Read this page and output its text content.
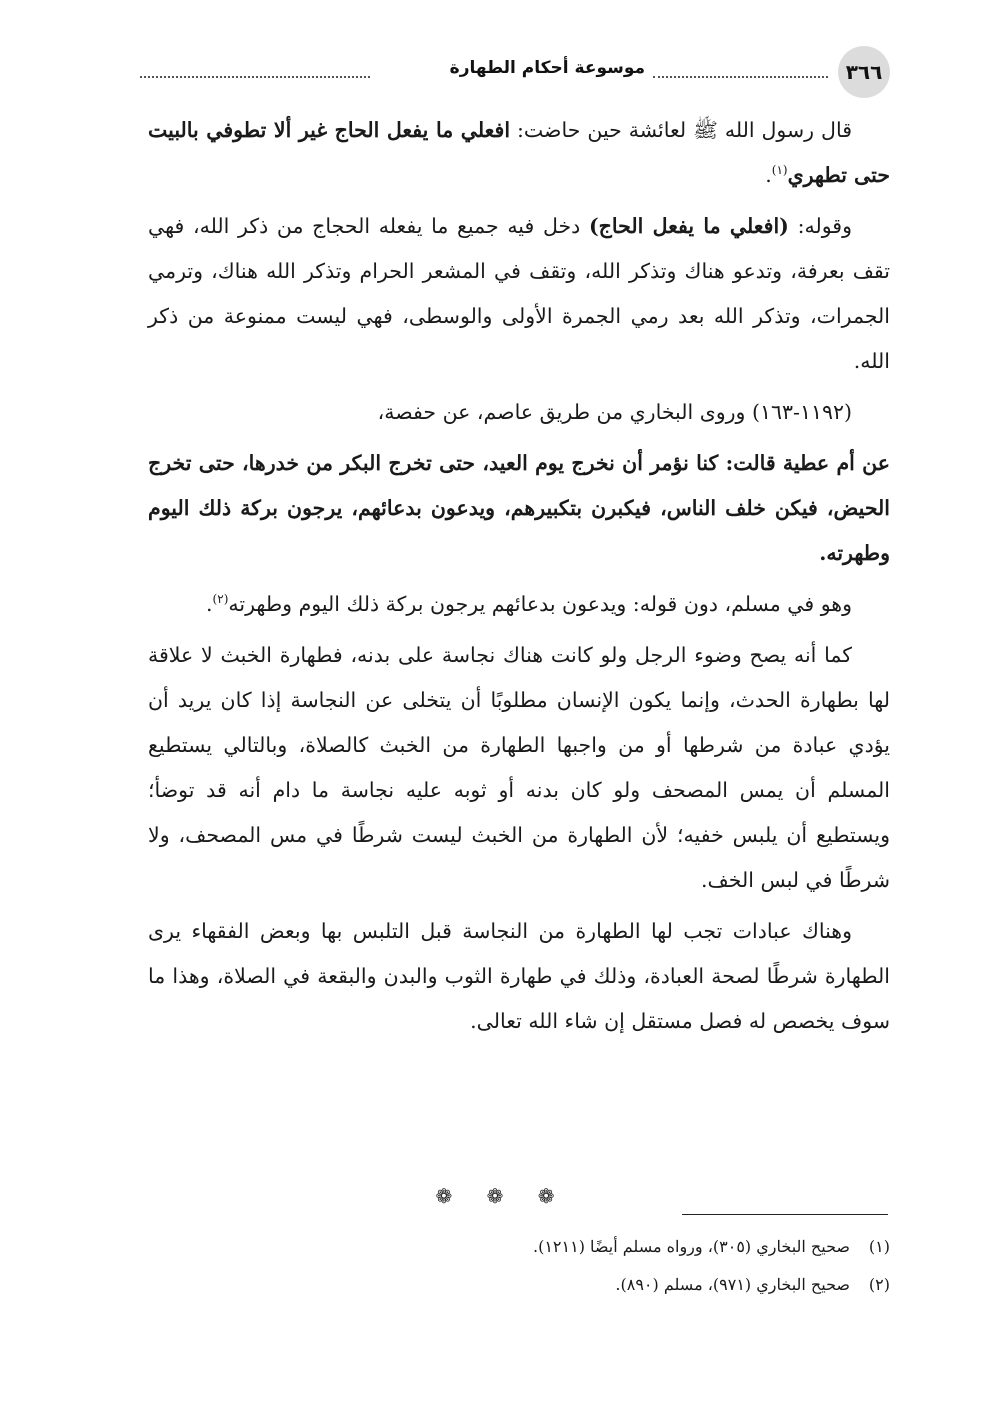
٣٦٦
موسوعة أحكام الطهارة

قال رسول الله ﷺ لعائشة حين حاضت: افعلي ما يفعل الحاج غير ألا تطوفي بالبيت حتى تطهري$^{(١)}$.

وقوله: (افعلي ما يفعل الحاج) دخل فيه جميع ما يفعله الحجاج من ذكر الله، فهي تقف بعرفة، وتدعو هناك وتذكر الله، وتقف في المشعر الحرام وتذكر الله هناك، وترمي الجمرات، وتذكر الله بعد رمي الجمرة الأولى والوسطى، فهي ليست ممنوعة من ذكر الله.

(١١٩٢-١٦٣) وروى البخاري من طريق عاصم، عن حفصة،

عن أم عطية قالت: كنا نؤمر أن نخرج يوم العيد، حتى تخرج البكر من خدرها، حتى تخرج الحيض، فيكن خلف الناس، فيكبرن بتكبيرهم، ويدعون بدعائهم، يرجون بركة ذلك اليوم وطهرته.

وهو في مسلم، دون قوله: ويدعون بدعائهم يرجون بركة ذلك اليوم وطهرته$^{(٢)}$.

كما أنه يصح وضوء الرجل ولو كانت هناك نجاسة على بدنه، فطهارة الخبث لا علاقة لها بطهارة الحدث، وإنما يكون الإنسان مطلوبًا أن يتخلى عن النجاسة إذا كان يريد أن يؤدي عبادة من شرطها أو من واجبها الطهارة من الخبث كالصلاة، وبالتالي يستطيع المسلم أن يمس المصحف ولو كان بدنه أو ثوبه عليه نجاسة ما دام أنه قد توضأ؛ ويستطيع أن يلبس خفيه؛ لأن الطهارة من الخبث ليست شرطًا في مس المصحف، ولا شرطًا في لبس الخف.

وهناك عبادات تجب لها الطهارة من النجاسة قبل التلبس بها وبعض الفقهاء يرى الطهارة شرطًا لصحة العبادة، وذلك في طهارة الثوب والبدن والبقعة في الصلاة، وهذا ما سوف يخصص له فصل مستقل إن شاء الله تعالى.

❁ ❁ ❁

(١)صحيح البخاري (٣٠٥)، ورواه مسلم أيضًا (١٢١١).

(٢)صحيح البخاري (٩٧١)، مسلم (٨٩٠).
